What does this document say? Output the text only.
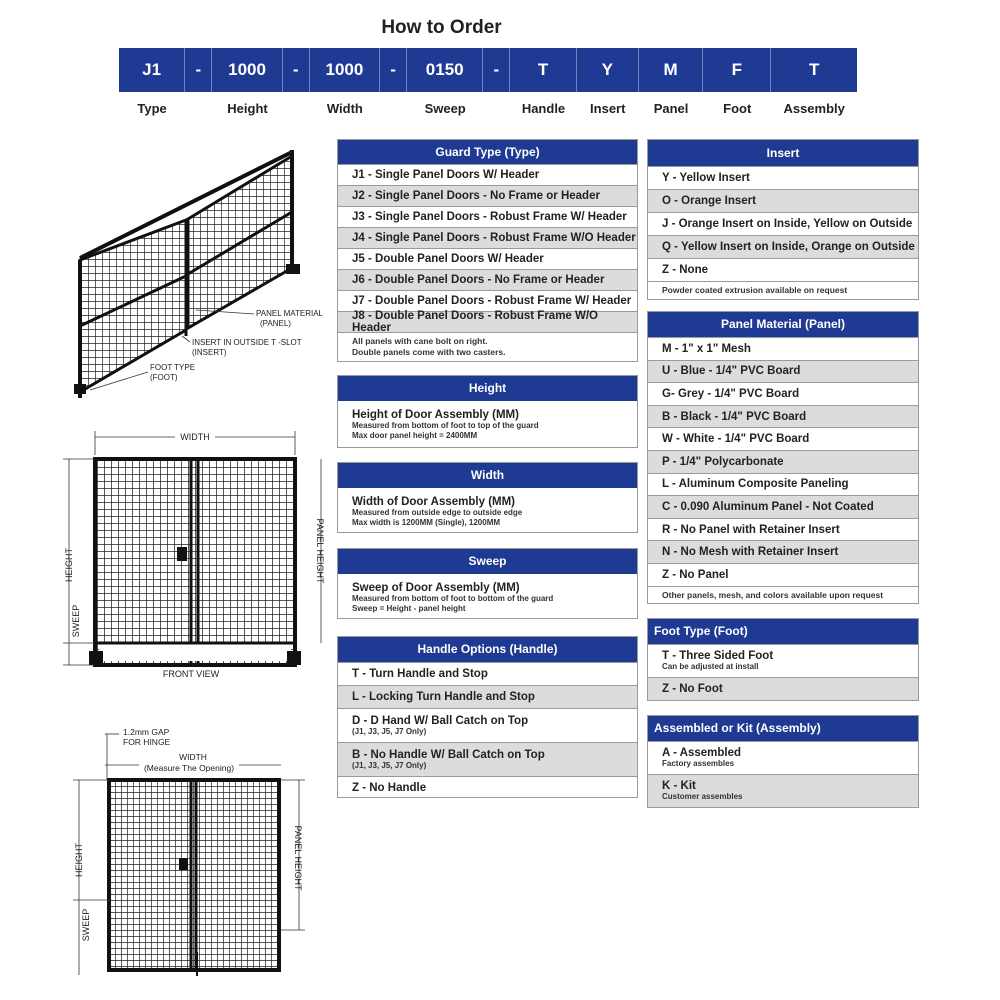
How to Order
J1	-	1000	-	1000	-	0150	-	T	Y	M	F	T
Type	Height	Width	Sweep	Handle	Insert	Panel	Foot	Assembly
Guard Type (Type)
J1 - Single Panel Doors W/ Header
J2 - Single Panel Doors - No Frame or Header
J3 - Single Panel Doors - Robust Frame W/ Header
J4 - Single Panel Doors - Robust Frame W/O Header
J5 - Double Panel Doors W/ Header
J6 - Double Panel Doors - No Frame or Header
J7 - Double Panel Doors - Robust Frame W/ Header
J8 - Double Panel Doors - Robust Frame W/O Header
All panels with cane bolt on right.
Double panels come with two casters.
Height
Height of Door Assembly (MM)
Measured from bottom of foot to top of the guard
Max door panel height = 2400MM
Width
Width of Door Assembly (MM)
Measured from outside edge to outside edge
Max width is 1200MM (Single), 1200MM
Sweep
Sweep of Door Assembly (MM)
Measured from bottom of foot to bottom of the guard
Sweep = Height - panel height
Handle Options (Handle)
T - Turn Handle and Stop
L - Locking Turn Handle and Stop
D - D Hand W/ Ball Catch on Top
(J1, J3, J5, J7 Only)
B - No Handle W/ Ball Catch on Top
(J1, J3, J5, J7 Only)
Z - No Handle
Insert
Y - Yellow Insert
O - Orange Insert
J - Orange Insert on Inside, Yellow on Outside
Q - Yellow Insert on Inside, Orange on Outside
Z - None
Powder coated extrusion available on request
Panel Material (Panel)
M - 1" x 1" Mesh
U - Blue - 1/4" PVC Board
G- Grey - 1/4" PVC Board
B - Black - 1/4" PVC Board
W - White - 1/4" PVC Board
P - 1/4" Polycarbonate
L - Aluminum Composite Paneling
C - 0.090 Aluminum Panel - Not Coated
R - No Panel with Retainer Insert
N - No Mesh with Retainer Insert
Z - No Panel
Other panels, mesh, and colors available upon request
Foot Type (Foot)
T - Three Sided Foot
Can be adjusted at install
Z - No Foot
Assembled or Kit (Assembly)
A - Assembled
Factory assembles
K - Kit
Customer assembles
PANEL MATERIAL
(PANEL)
INSERT IN OUTSIDE T -SLOT
(INSERT)
FOOT TYPE
(FOOT)
WIDTH
HEIGHT
SWEEP
PANEL HEIGHT
FRONT VIEW
1.2mm GAP
FOR HINGE
WIDTH
(Measure The Opening)
HEIGHT
SWEEP
PANEL HEIGHT
